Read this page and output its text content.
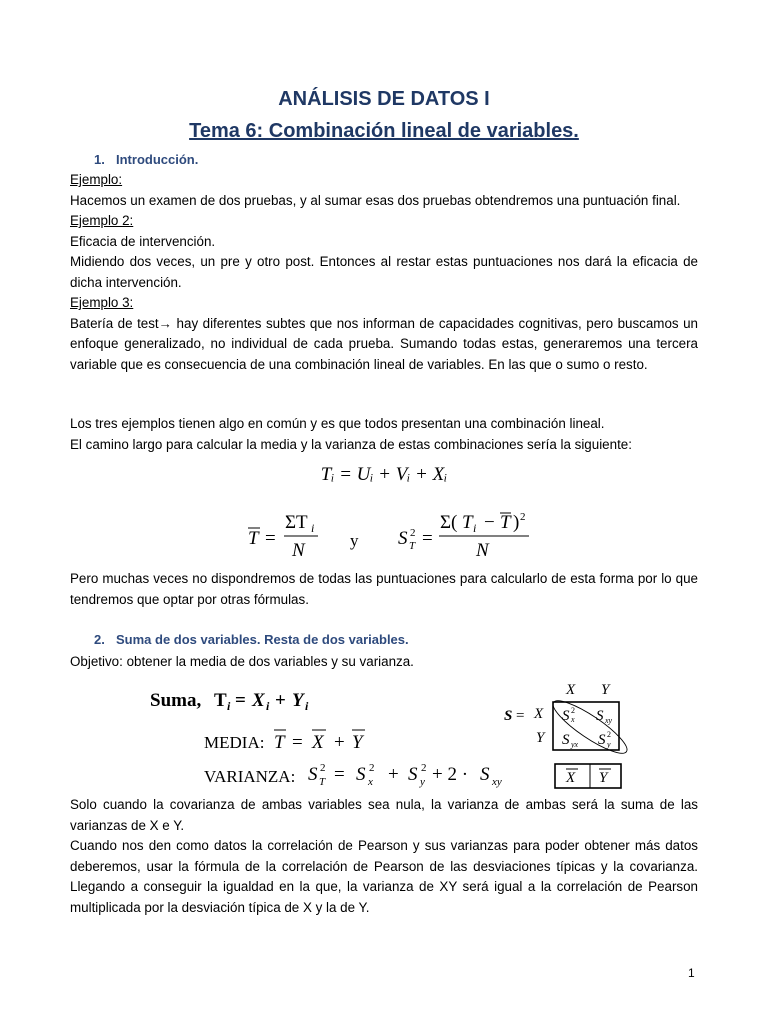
ANÁLISIS DE DATOS I
Tema 6: Combinación lineal de variables.
1. Introducción.
Ejemplo:
Hacemos un examen de dos pruebas, y al sumar esas dos pruebas obtendremos una puntuación final.
Ejemplo 2:
Eficacia de intervención.
Midiendo dos veces, un pre y otro post. Entonces al restar estas puntuaciones nos dará la eficacia de dicha intervención.
Ejemplo 3:
Batería de test→ hay diferentes subtes que nos informan de capacidades cognitivas, pero buscamos un enfoque generalizado, no individual de cada prueba. Sumando todas estas, generaremos una tercera variable que es consecuencia de una combinación lineal de variables. En las que o sumo o resto.
Los tres ejemplos tienen algo en común y es que todos presentan una combinación lineal.
El camino largo para calcular la media y la varianza de estas combinaciones sería la siguiente:
Tᵢ = Uᵢ + Vᵢ + Xᵢ
T =
ΣT i
N	y S 2
T =
Σ( T i − T ) 2
N
Pero muchas veces no dispondremos de todas las puntuaciones para calcularlo de esta forma por lo que tendremos que optar por otras fórmulas.
2. Suma de dos variables. Resta de dos variables.
Objetivo: obtener la media de dos variables y su varianza.
Suma, T i = X i + Y i
MEDIA: T = X + Y
VARIANZA: S 2
T = S 2
x + S 2
y + 2 · S xy
X Y
S = X
Y
S 2
x S xy
S yx S 2
y
X Y
Solo cuando la covarianza de ambas variables sea nula, la varianza de ambas será la suma de las varianzas de X e Y.
Cuando nos den como datos la correlación de Pearson y sus varianzas para poder obtener más datos deberemos, usar la fórmula de la correlación de Pearson de las desviaciones típicas y la covarianza. Llegando a conseguir la igualdad en la que, la varianza de XY será igual a la correlación de Pearson multiplicada por la desviación típica de X y la de Y.
1
